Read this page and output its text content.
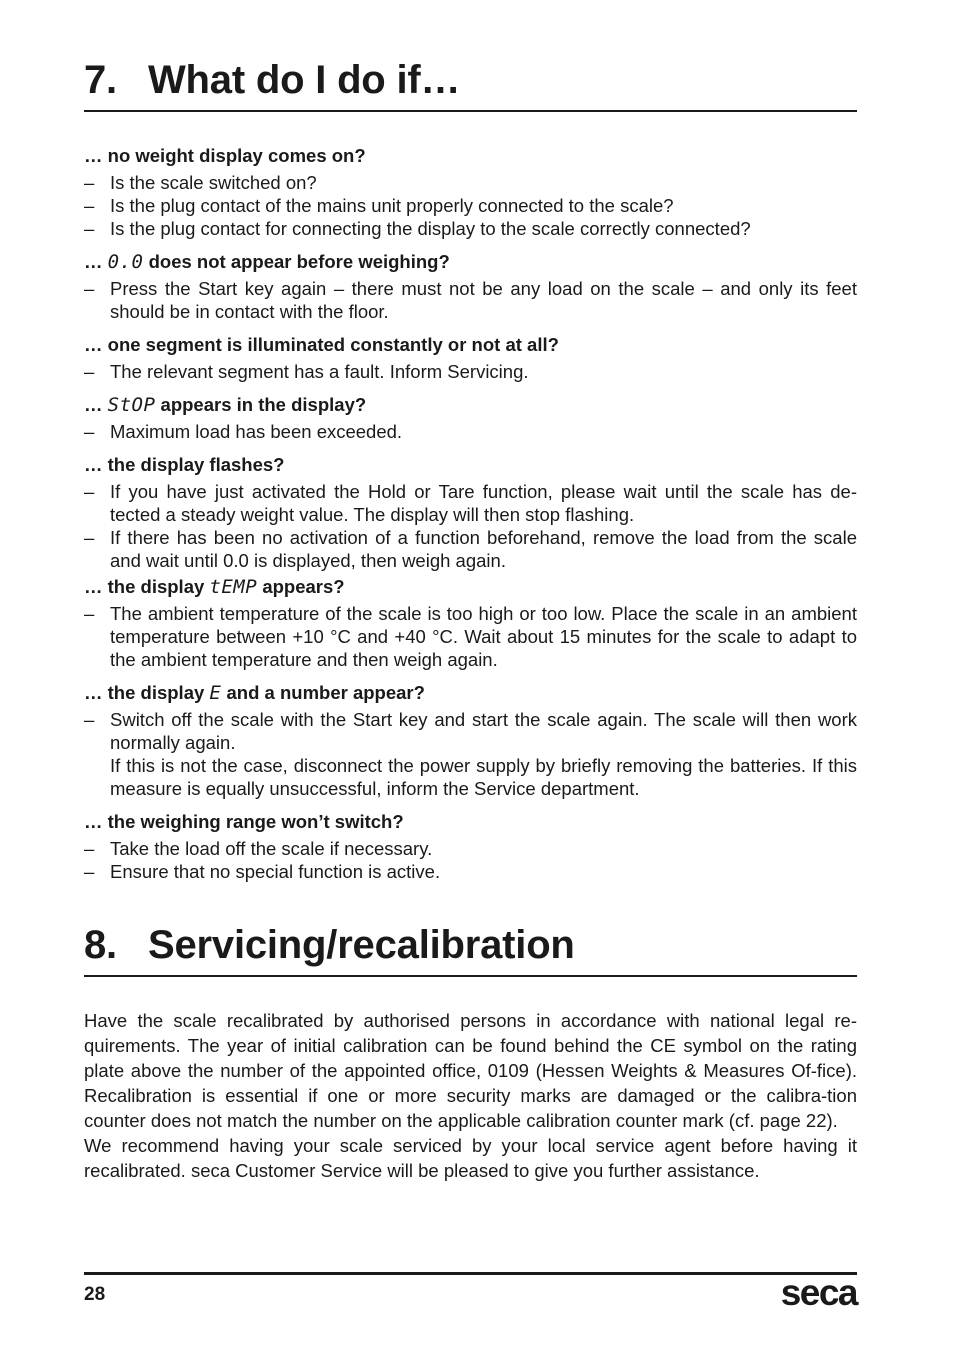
7. What do I do if…
… no weight display comes on?
– Is the scale switched on?
– Is the plug contact of the mains unit properly connected to the scale?
– Is the plug contact for connecting the display to the scale correctly connected?
… 0.0 does not appear before weighing?
– Press the Start key again – there must not be any load on the scale – and only its feet should be in contact with the floor.
… one segment is illuminated constantly or not at all?
– The relevant segment has a fault. Inform Servicing.
… StOP appears in the display?
– Maximum load has been exceeded.
… the display flashes?
– If you have just activated the Hold or Tare function, please wait until the scale has de-tected a steady weight value. The display will then stop flashing.
– If there has been no activation of a function beforehand, remove the load from the scale and wait until 0.0 is displayed, then weigh again.
… the display tEMP appears?
– The ambient temperature of the scale is too high or too low. Place the scale in an ambient temperature between +10 °C and +40 °C. Wait about 15 minutes for the scale to adapt to the ambient temperature and then weigh again.
… the display E and a number appear?
– Switch off the scale with the Start key and start the scale again. The scale will then work normally again.

If this is not the case, disconnect the power supply by briefly removing the batteries. If this measure is equally unsuccessful, inform the Service department.

… the weighing range won’t switch?
– Take the load off the scale if necessary.
– Ensure that no special function is active.
8. Servicing/recalibration

Have the scale recalibrated by authorised persons in accordance with national legal re-quirements. The year of initial calibration can be found behind the CE symbol on the rating plate above the number of the appointed office, 0109 (Hessen Weights & Measures Of-fice). Recalibration is essential if one or more security marks are damaged or the calibra-tion counter does not match the number on the applicable calibration counter mark (cf. page 22).

We recommend having your scale serviced by your local service agent before having it recalibrated. seca Customer Service will be pleased to give you further assistance.

28	seca
